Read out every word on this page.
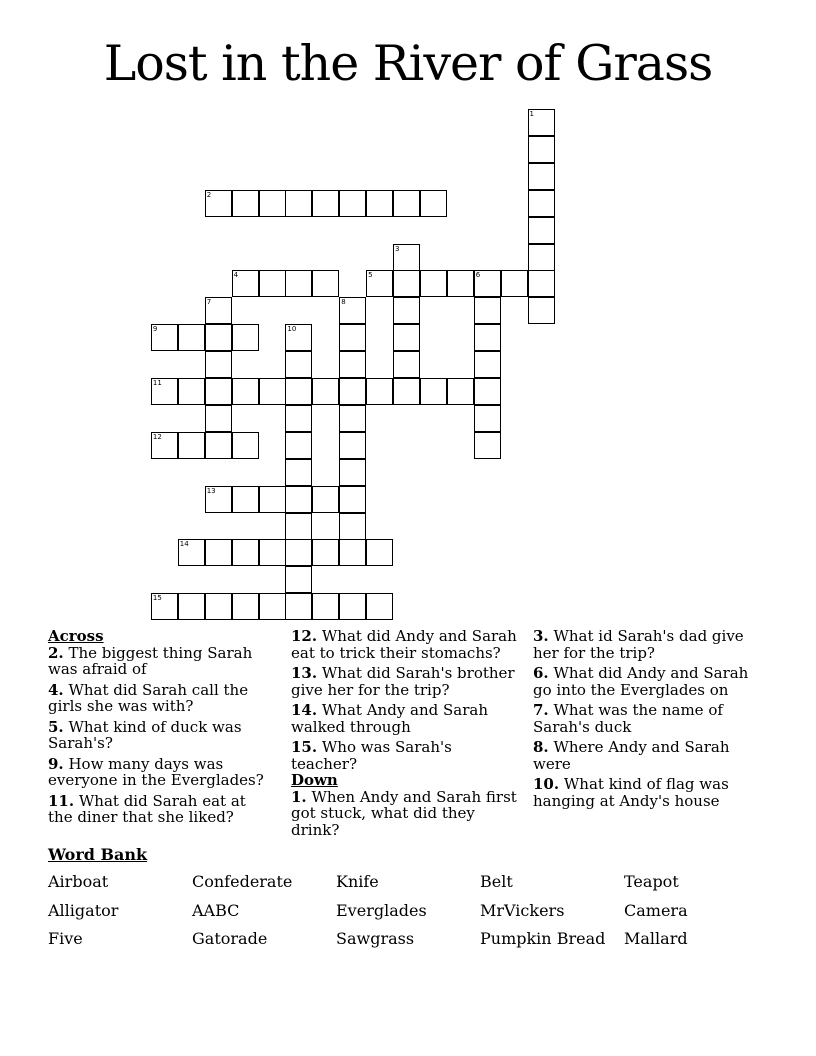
Lost in the River of Grass
1
2
3
4	5	6
7	8
9	10
11
12
13
14
15
Across
2. The biggest thing Sarah was afraid of
4. What did Sarah call the girls she was with?
5. What kind of duck was Sarah's?
9. How many days was everyone in the Everglades?
11. What did Sarah eat at the diner that she liked?
12. What did Andy and Sarah eat to trick their stomachs?
13. What did Sarah's brother give her for the trip?
14. What Andy and Sarah walked through
15. Who was Sarah's teacher?
Down
1. When Andy and Sarah first got stuck, what did they drink?
3. What id Sarah's dad give her for the trip?
6. What did Andy and Sarah go into the Everglades on
7. What was the name of Sarah's duck
8. Where Andy and Sarah were
10. What kind of flag was hanging at Andy's house
Word Bank
Airboat	Confederate	Knife	Belt	Teapot
Alligator	AABC	Everglades	MrVickers	Camera
Five	Gatorade	Sawgrass	Pumpkin Bread	Mallard
